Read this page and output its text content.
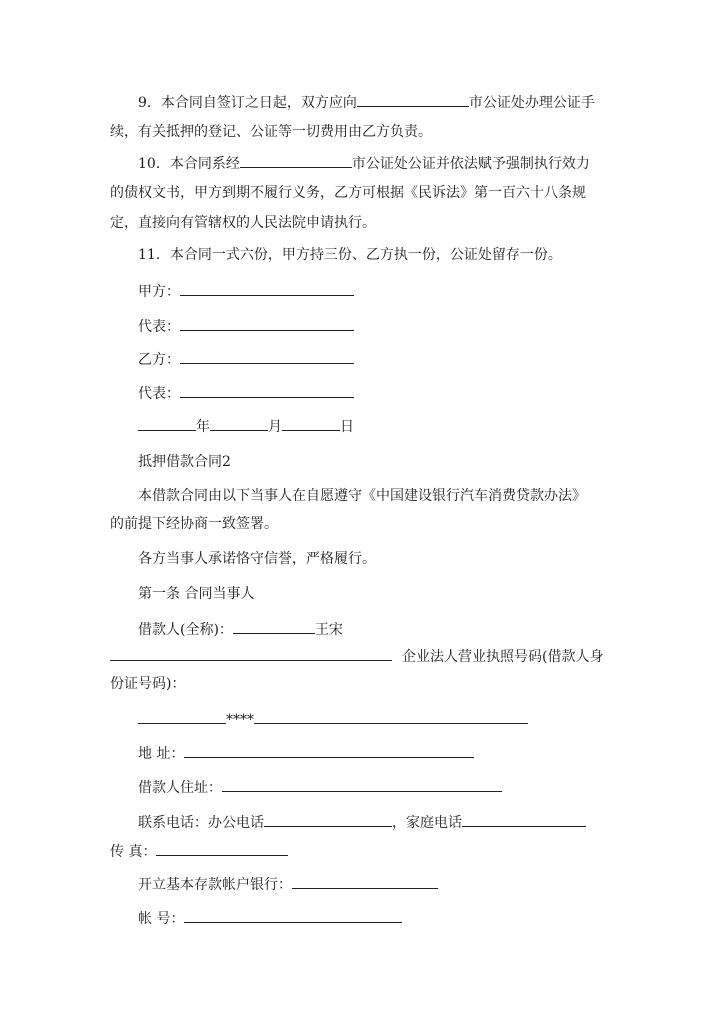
9．本合同自签订之日起，双方应向	市公证处办理公证手
续，有关抵押的登记、公证等一切费用由乙方负责。
10．本合同系经	市公证处公证并依法赋予强制执行效力
的债权文书，甲方到期不履行义务，乙方可根据《民诉法》第一百六十八条规
定，直接向有管辖权的人民法院申请执行。
11．本合同一式六份，甲方持三份、乙方执一份，公证处留存一份。
甲方：
代表：
乙方：
代表：
年	月	日
抵押借款合同2
本借款合同由以下当事人在自愿遵守《中国建设银行汽车消费贷款办法》
的前提下经协商一致签署。
各方当事人承诺恪守信誉，严格履行。
第一条 合同当事人
借款人(全称)：	王宋
企业法人营业执照号码(借款人身
份证号码)：
****
地 址：
借款人住址：
联系电话：办公电话	，家庭电话
传 真：
开立基本存款帐户银行：
帐 号：
